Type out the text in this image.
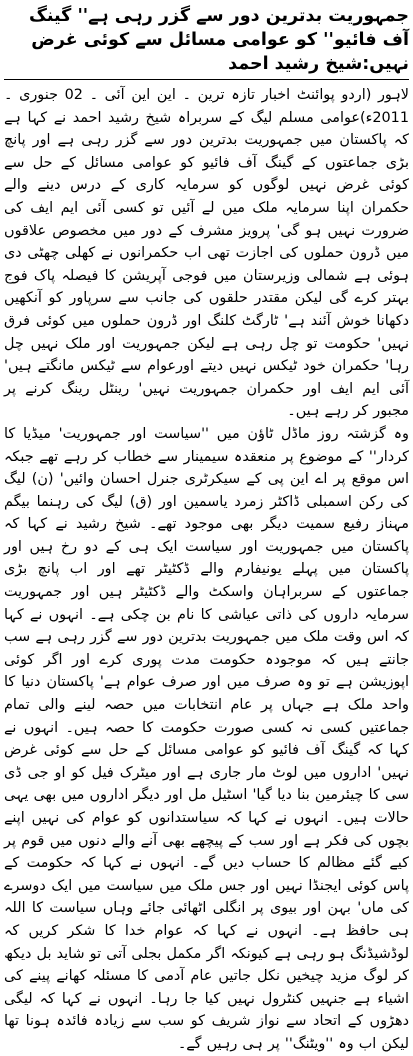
جمہوریت بدترین دور سے گزر رہی ہے'' گینگ آف فائیو'' کو عوامی مسائل سے کوئی غرض نہیں:شیخ رشید احمد

لاہور (اردو پوائنٹ اخبار تازہ ترین ۔ این این آئی ۔ 02 جنوری ۔2011ء)عوامی مسلم لیگ کے سربراہ شیخ رشید احمد نے کہا ہے کہ پاکستان میں جمہوریت بدترین دور سے گزر رہی ہے اور پانچ بڑی جماعتوں کے گینگ آف فائیو کو عوامی مسائل کے حل سے کوئی غرض نہیں لوگوں کو سرمایہ کاری کے درس دینے والے حکمران اپنا سرمایہ ملک میں لے آئیں تو کسی آئی ایم ایف کی ضرورت نہیں ہو گی' پرویز مشرف کے دور میں مخصوص علاقوں میں ڈرون حملوں کی اجازت تھی اب حکمرانوں نے کھلی چھٹی دی ہوئی ہے شمالی وزیرستان میں فوجی آپریشن کا فیصلہ پاک فوج بہتر کرے گی لیکن مقتدر حلقوں کی جانب سے سرپاور کو آنکھیں دکھانا خوش آئند ہے' ٹارگٹ کلنگ اور ڈرون حملوں میں کوئی فرق نہیں' حکومت تو چل رہی ہے لیکن جمہوریت اور ملک نہیں چل رہا' حکمران خود ٹیکس نہیں دیتے اورعوام سے ٹیکس مانگتے ہیں' آئی ایم ایف اور حکمران جمہوریت نہیں' رینٹل رینگ کرنے پر مجبور کر رہے ہیں۔

وہ گزشتہ روز ماڈل ٹاؤن میں ''سیاست اور جمہوریت' میڈیا کا کردار'' کے موضوع پر منعقدہ سیمینار سے خطاب کر رہے تھے جبکہ اس موقع پر اے این پی کے سیکرٹری جنرل احسان وائیں' (ن) لیگ کی رکن اسمبلی ڈاکٹر زمرد یاسمین اور (ق) لیگ کی رہنما بیگم مہناز رفیع سمیت دیگر بھی موجود تھے۔ شیخ رشید نے کہا کہ پاکستان میں جمہوریت اور سیاست ایک ہی کے دو رخ ہیں اور پاکستان میں پہلے یونیفارم والے ڈکٹیٹر تھے اور اب پانچ بڑی جماعتوں کے سربراہان واسکٹ والے ڈکٹیٹر ہیں اور جمہوریت سرمایہ داروں کی ذاتی عیاشی کا نام بن چکی ہے۔ انہوں نے کہا کہ اس وقت ملک میں جمہوریت بدترین دور سے گزر رہی ہے سب جانتے ہیں کہ موجودہ حکومت مدت پوری کرے اور اگر کوئی اپوزیشن ہے تو وہ صرف میں اور صرف عوام ہے' پاکستان دنیا کا واحد ملک ہے جہاں پر عام انتخابات میں حصہ لینے والی تمام جماعتیں کسی نہ کسی صورت حکومت کا حصہ ہیں۔ انہوں نے کہا کہ گینگ آف فائیو کو عوامی مسائل کے حل سے کوئی غرض نہیں' اداروں میں لوٹ مار جاری ہے اور میٹرک فیل کو او جی ڈی سی کا چیئرمین بنا دیا گیا' اسٹیل مل اور دیگر اداروں میں بھی یہی حالات ہیں۔ انہوں نے کہا کہ سیاستدانوں کو عوام کی نہیں اپنے بچوں کی فکر ہے اور سب کے پیچھے بھی آنے والے دنوں میں قوم پر کیے گئے مظالم کا حساب دیں گے۔ انہوں نے کہا کہ حکومت کے پاس کوئی ایجنڈا نہیں اور جس ملک میں سیاست میں ایک دوسرے کی ماں' بہن اور بیوی پر انگلی اٹھائی جائے وہاں سیاست کا اللہ ہی حافظ ہے۔ انہوں نے کہا کہ عوام خدا کا شکر کریں کہ لوڈشیڈنگ ہو رہی ہے کیونکہ اگر مکمل بجلی آتی تو شاید بل دیکھ کر لوگ مزید چیخیں نکل جاتیں عام آدمی کا مسئلہ کھانے پینے کی اشیاء ہے جنہیں کنٹرول نہیں کیا جا رہا۔ انہوں نے کہا کہ لیگی دھڑوں کے اتحاد سے نواز شریف کو سب سے زیادہ فائدہ ہونا تھا لیکن اب وہ ''ویٹنگ'' پر ہی رہیں گے۔
